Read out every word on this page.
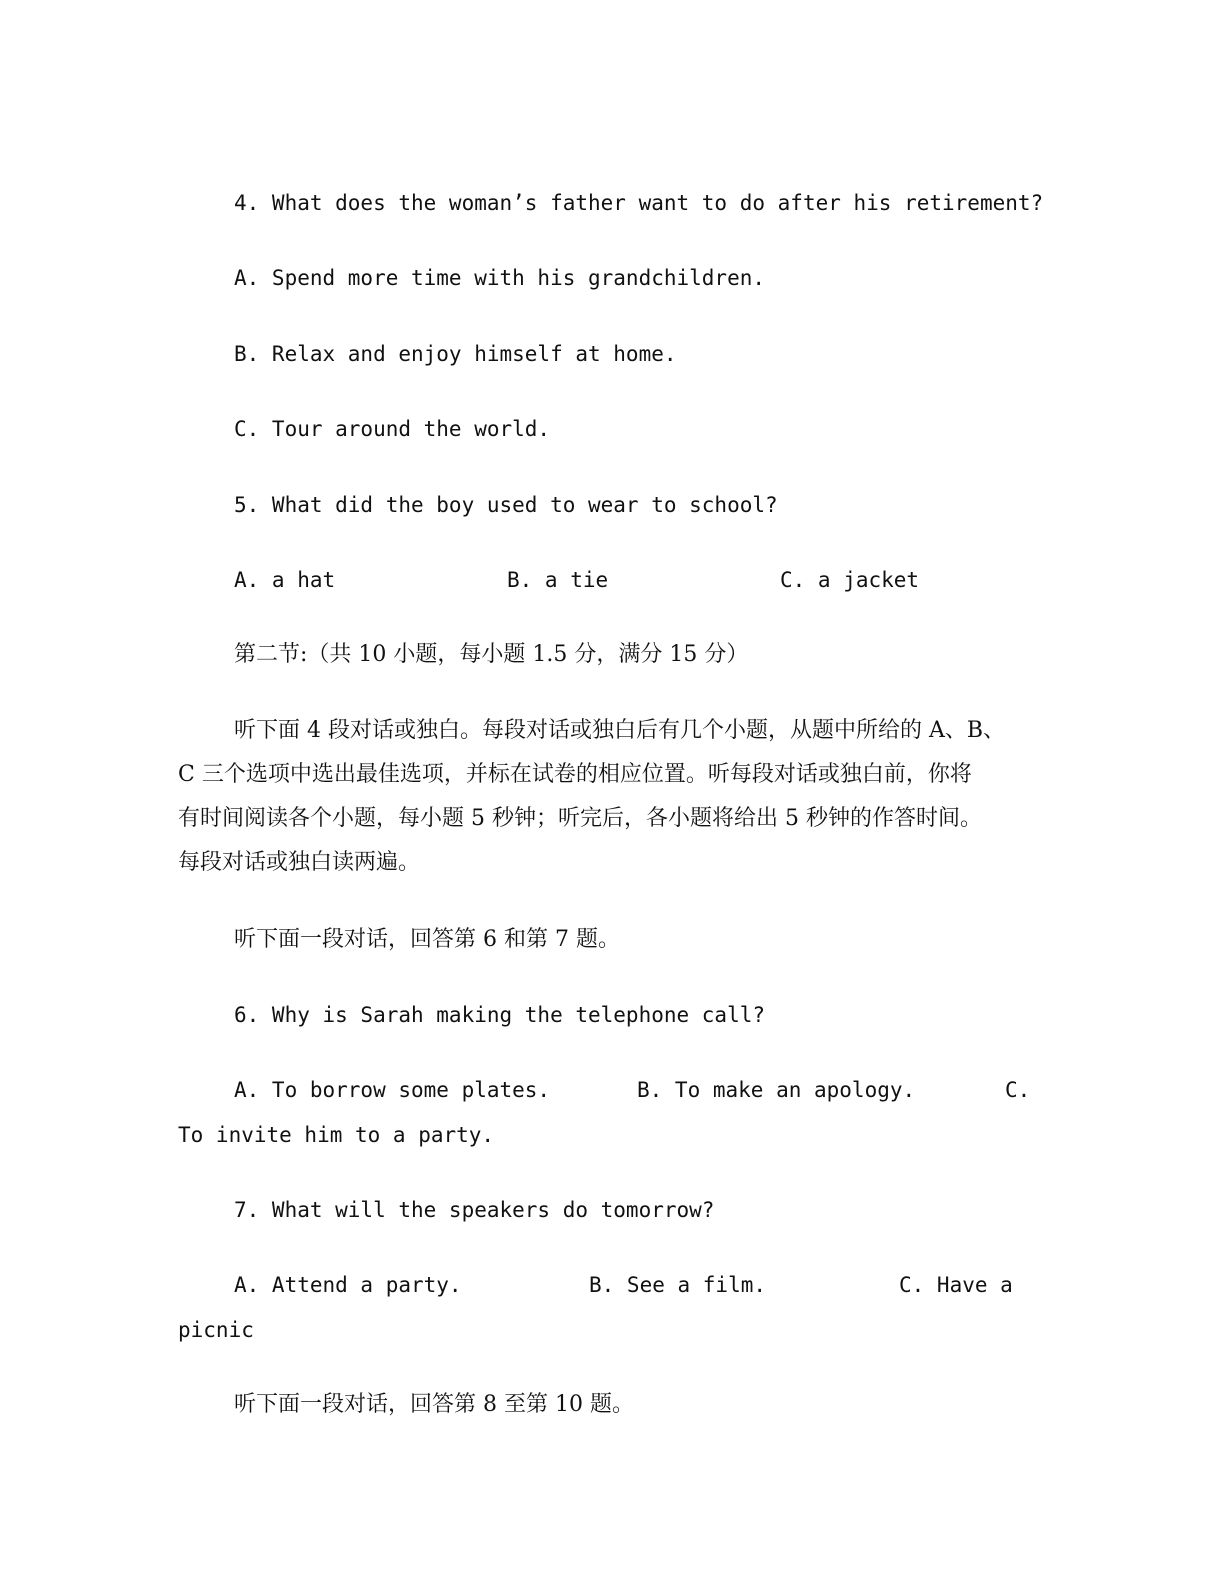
4. What does the woman’s father want to do after his retirement?
A. Spend more time with his grandchildren.
B. Relax and enjoy himself at home.
C. Tour around the world.
5. What did the boy used to wear to school?
A. a hat	B. a tie	C. a jacket
第二节:（共 10 小题，每小题 1.5 分，满分 15 分）
听下面 4 段对话或独白。每段对话或独白后有几个小题，从题中所给的 A、B、
C 三个选项中选出最佳选项，并标在试卷的相应位置。听每段对话或独白前，你将
有时间阅读各个小题，每小题 5 秒钟；听完后，各小题将给出 5 秒钟的作答时间。
每段对话或独白读两遍。
听下面一段对话，回答第 6 和第 7 题。
6. Why is Sarah making the telephone call?
A. To borrow some plates.	B. To make an apology.	C.
To invite him to a party.
7. What will the speakers do tomorrow?
A. Attend a party.	B. See a film.	C. Have a
picnic
听下面一段对话，回答第 8 至第 10 题。
